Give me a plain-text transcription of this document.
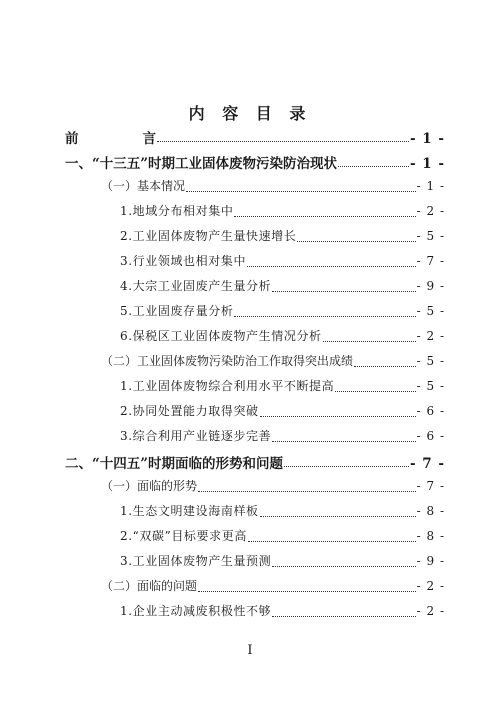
内 容 目 录
前	言	- 1 -
一、“十三五”时期工业固体废物污染防治现状	- 1 -
（一）基本情况	- 1 -
1.地域分布相对集中	- 2 -
2.工业固体废物产生量快速增长	- 5 -
3.行业领域也相对集中	- 7 -
4.大宗工业固废产生量分析	- 9 -
5.工业固废存量分析	- 5 -
6.保税区工业固体废物产生情况分析	- 2 -
（二）工业固体废物污染防治工作取得突出成绩	- 5 -
1.工业固体废物综合利用水平不断提高	- 5 -
2.协同处置能力取得突破	- 6 -
3.综合利用产业链逐步完善	- 6 -
二、“十四五”时期面临的形势和问题	- 7 -
（一）面临的形势	- 7 -
1.生态文明建设海南样板	- 8 -
2.“双碳”目标要求更高	- 8 -
3.工业固体废物产生量预测	- 9 -
（二）面临的问题	- 2 -
1.企业主动减废积极性不够	- 2 -
I
